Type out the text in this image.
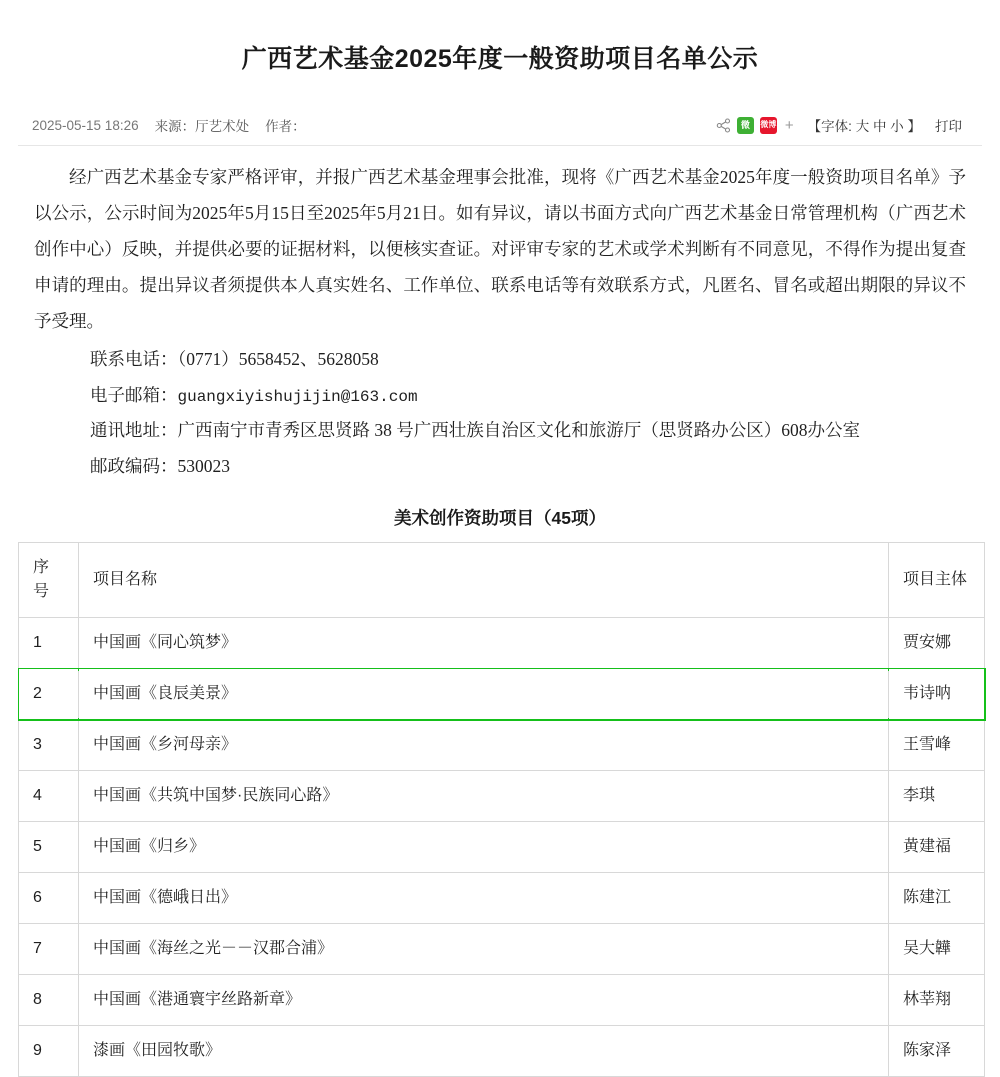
广西艺术基金2025年度一般资助项目名单公示
2025-05-15 18:26 来源：厅艺术处 作者：	微	微博 + 【字体: 大 中 小 】 打印

经广西艺术基金专家严格评审，并报广西艺术基金理事会批准，现将《广西艺术基金2025年度一般资助项目名单》予以公示，公示时间为2025年5月15日至2025年5月21日。如有异议，请以书面方式向广西艺术基金日常管理机构（广西艺术创作中心）反映，并提供必要的证据材料，以便核实查证。对评审专家的艺术或学术判断有不同意见，不得作为提出复查申请的理由。提出异议者须提供本人真实姓名、工作单位、联系电话等有效联系方式，凡匿名、冒名或超出期限的异议不予受理。

联系电话：（0771）5658452、5628058

电子邮箱：guangxiyishujijin@163.com

通讯地址：广西南宁市青秀区思贤路 38 号广西壮族自治区文化和旅游厅（思贤路办公区）608办公室

邮政编码：530023

美术创作资助项目（45项）
序号	项目名称	项目主体
1	中国画《同心筑梦》	贾安娜
2	中国画《良辰美景》	韦诗呐
3	中国画《乡河母亲》	王雪峰
4	中国画《共筑中国梦·民族同心路》	李琪
5	中国画《归乡》	黄建福
6	中国画《德峨日出》	陈建江
7	中国画《海丝之光－－汉郡合浦》	吴大韡
8	中国画《港通寰宇丝路新章》	林莘翔
9	漆画《田园牧歌》	陈家泽
